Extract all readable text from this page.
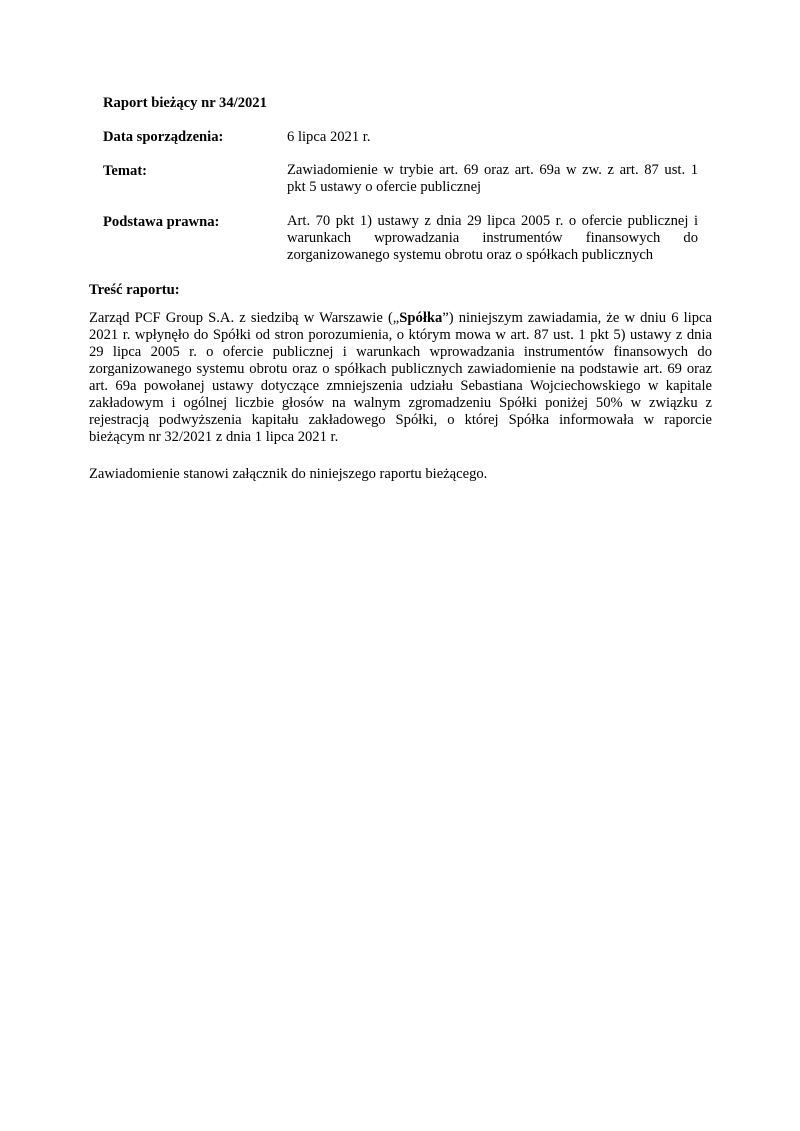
Raport bieżący nr 34/2021
Data sporządzenia:	6 lipca 2021 r.
Temat:	Zawiadomienie w trybie art. 69 oraz art. 69a w zw. z art. 87 ust. 1
pkt 5 ustawy o ofercie publicznej
Podstawa prawna:	Art. 70 pkt 1) ustawy z dnia 29 lipca 2005 r. o ofercie publicznej i
warunkach wprowadzania instrumentów finansowych do
zorganizowanego systemu obrotu oraz o spółkach publicznych
Treść raportu:
Zarząd PCF Group S.A. z siedzibą w Warszawie („Spółka”) niniejszym zawiadamia, że w dniu 6 lipca
2021 r. wpłynęło do Spółki od stron porozumienia, o którym mowa w art. 87 ust. 1 pkt 5) ustawy z dnia
29 lipca 2005 r. o ofercie publicznej i warunkach wprowadzania instrumentów finansowych do
zorganizowanego systemu obrotu oraz o spółkach publicznych zawiadomienie na podstawie art. 69 oraz
art. 69a powołanej ustawy dotyczące zmniejszenia udziału Sebastiana Wojciechowskiego w kapitale
zakładowym i ogólnej liczbie głosów na walnym zgromadzeniu Spółki poniżej 50% w związku z
rejestracją podwyższenia kapitału zakładowego Spółki, o której Spółka informowała w raporcie
bieżącym nr 32/2021 z dnia 1 lipca 2021 r.
Zawiadomienie stanowi załącznik do niniejszego raportu bieżącego.
